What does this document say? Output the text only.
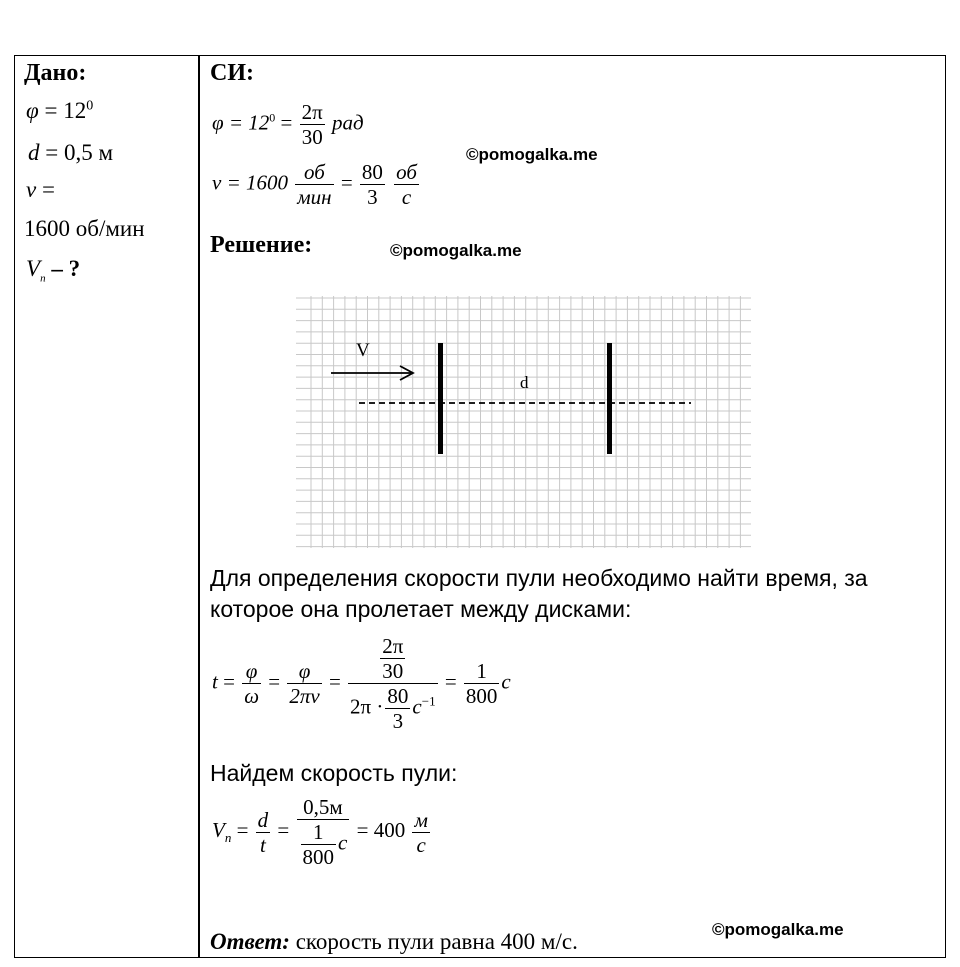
Дано:
$\varphi = 12^0$
d = 0,5 м
ν =
1600 об/мин
$V_п$ – ?
СИ:
$\varphi = 12^0 = \frac{2\pi}{30}$ рад
$\nu = 1600 \frac{об}{\text{мин}} = \frac{80}{3}$
$\frac{об}{с}$
©pomogalka.me
©pomogalka.me
©pomogalka.me
Решение:
V
d
Для определения скорости пули необходимо найти время, за
которое она пролетает между дисками:
$t = \frac{\varphi}{\omega} = \frac{\varphi}{2\pi\nu} = \frac{\frac{2\pi}{30}}{2\pi \cdot \frac{80}{3} c^{-1}} = \frac{1}{800}$ c
Найдем скорость пули:
$V_п = \frac{d}{t} = \frac{0,5м}{\frac{1}{800} c} = 400 \frac{м}{с}$
Ответ: скорость пули равна 400 м/с.
